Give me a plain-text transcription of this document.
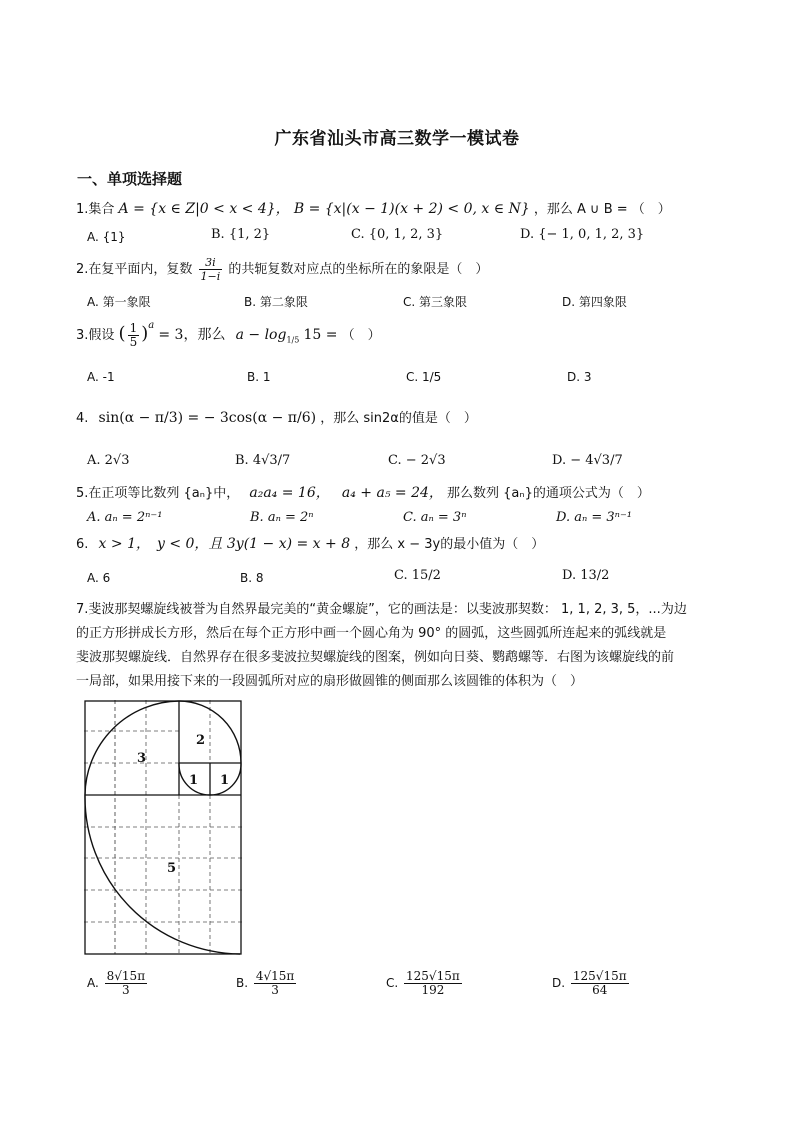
广东省汕头市高三数学一模试卷
一、单项选择题
1.集合 A = {x ∈ Z|0 < x < 4}， B = {x|(x − 1)(x + 2) < 0, x ∈ N} ，那么 A ∪ B = （　）
A. {1}	B. {1, 2}	C. {0, 1, 2, 3}	D. {− 1, 0, 1, 2, 3}
2.在复平面内，复数 $\frac{3i}{1-i}$ 的共轭复数对应点的坐标所在的象限是（　）
A. 第一象限	B. 第二象限	C. 第三象限	D. 第四象限
3.假设 ( $\frac{1}{5} )^a = 3$，那么 $a - \log_{1/5} 15$ = （　）
A. -1	B. 1	C. 1/5	D. 3
4. sin(α − π/3) = − 3cos(α − π/6) ，那么 sin2α的值是（　）
A. 2√3	B. 4√3/7	C. − 2√3	D. − 4√3/7
5.在正项等比数列 {aₙ}中， a₂a₄ = 16， a₄ + a₅ = 24， 那么数列 {aₙ}的通项公式为（　）
A. aₙ = 2ⁿ⁻¹	B. aₙ = 2ⁿ	C. aₙ = 3ⁿ	D. aₙ = 3ⁿ⁻¹
6. x > 1，　y < 0，且 3y(1 − x) = x + 8 ，那么 x − 3y的最小值为（　）
A. 6	B. 8	C. 15/2	D. 13/2
7.斐波那契螺旋线被誉为自然界最完美的“黄金螺旋”，它的画法是：以斐波那契数： 1, 1, 2, 3, 5，...为边
的正方形拼成长方形，然后在每个正方形中画一个圆心角为 90° 的圆弧，这些圆弧所连起来的弧线就是
斐波那契螺旋线．自然界存在很多斐波拉契螺旋线的图案，例如向日葵、鹦鹉螺等．右图为该螺旋线的前
一局部，如果用接下来的一段圆弧所对应的扇形做圆锥的侧面那么该圆锥的体积为（　）
3
2
1 1
5
A. $\frac{8√15\pi}{3}$	B. $\frac{4√15\pi}{3}$	C. $\frac{125√15\pi}{192}$	D. $\frac{125√15\pi}{64}$
